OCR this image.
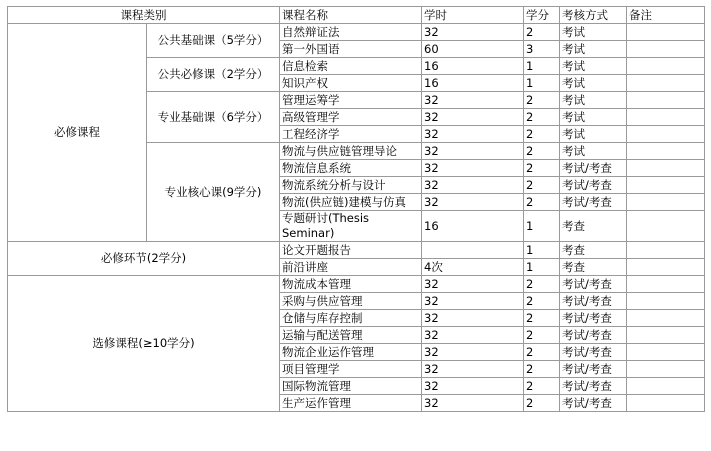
课程类别		课程名称	学时	学分	考核方式	备注
必修课程	公共基础课（5学分）	自然辩证法	32	2	考试	
		第一外国语	60	3	考试	
	公共必修课（2学分）	信息检索	16	1	考试	
		知识产权	16	1	考试	
	专业基础课（6学分）	管理运筹学	32	2	考试	
		高级管理学	32	2	考试	
		工程经济学	32	2	考试	
	专业核心课(9学分)	物流与供应链管理导论	32	2	考试	
		物流信息系统	32	2	考试/考查	
		物流系统分析与设计	32	2	考试/考查	
		物流(供应链)建模与仿真	32	2	考试/考查	
		专题研讨(Thesis Seminar)	16	1	考查	
必修环节(2学分)		论文开题报告		1	考查	
		前沿讲座	4次	1	考查	
选修课程(≥10学分)		物流成本管理	32	2	考试/考查	
		采购与供应管理	32	2	考试/考查	
		仓储与库存控制	32	2	考试/考查	
		运输与配送管理	32	2	考试/考查	
		物流企业运作管理	32	2	考试/考查	
		项目管理学	32	2	考试/考查	
		国际物流管理	32	2	考试/考查	
		生产运作管理	32	2	考试/考查	
